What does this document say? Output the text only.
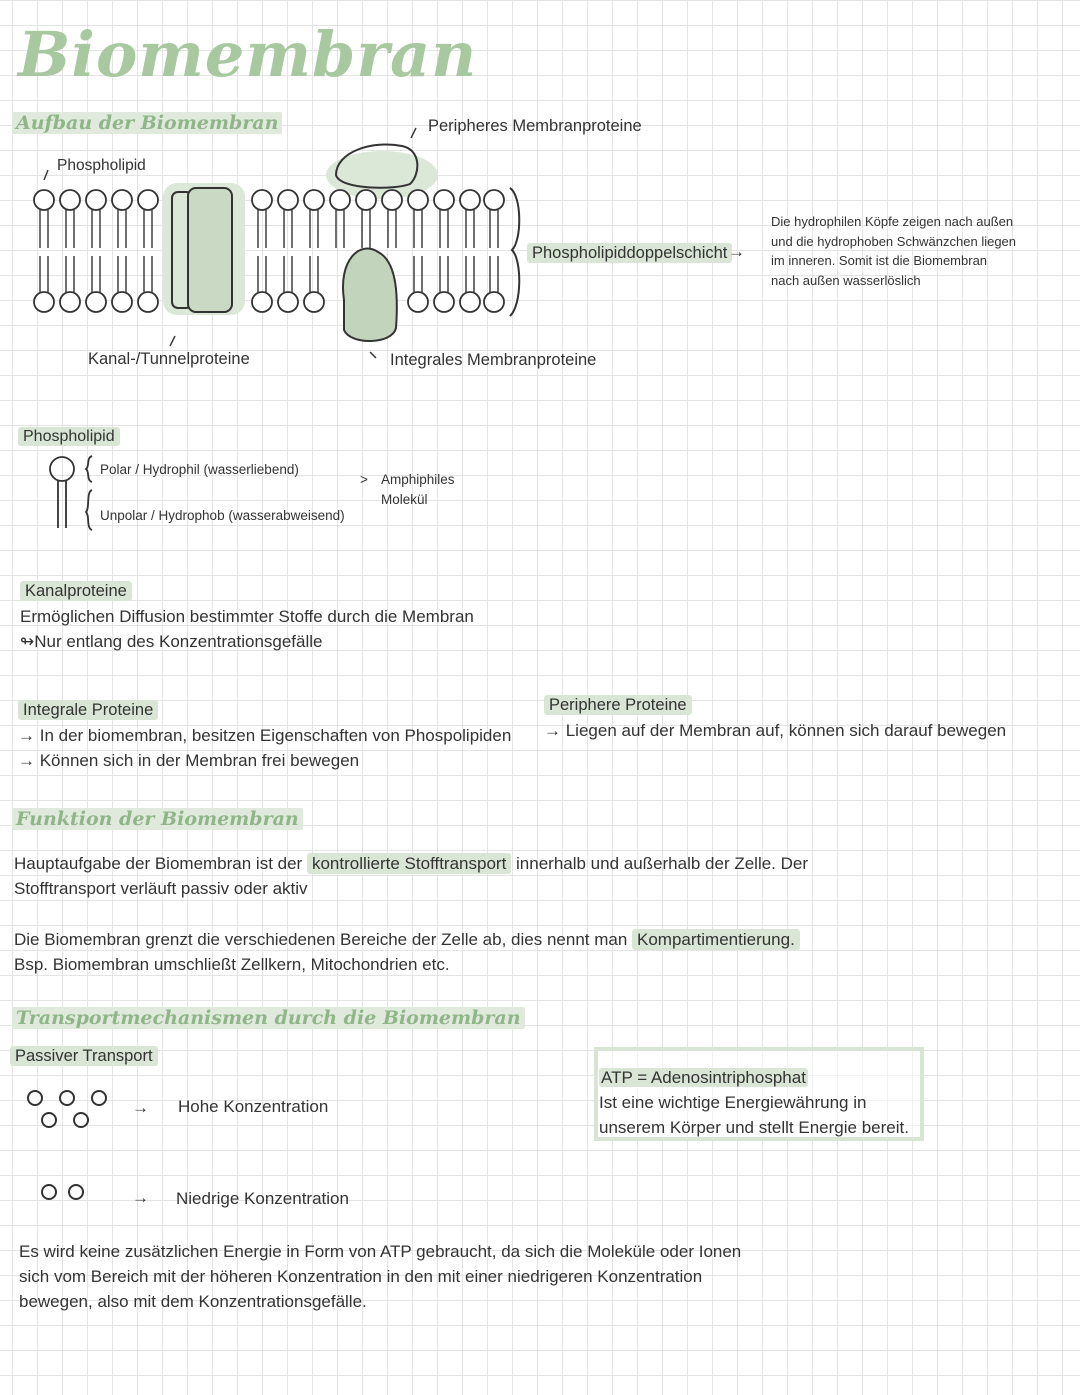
Biomembran
Aufbau der Biomembran
Phospholipid
Peripheres Membranproteine
Phospholipiddoppelschicht →
Die hydrophilen Köpfe zeigen nach außen
und die hydrophoben Schwänzchen liegen
im inneren. Somit ist die Biomembran
nach außen wasserlöslich
Kanal-/Tunnelproteine	Integrales Membranproteine
Phospholipid
Polar / Hydrophil (wasserliebend)
Unpolar / Hydrophob (wasserabweisend)
> Amphiphiles
Molekül
Kanalproteine
Ermöglichen Diffusion bestimmter Stoffe durch die Membran
↬Nur entlang des Konzentrationsgefälle
Integrale Proteine
→ In der biomembran, besitzen Eigenschaften von Phospolipiden
→ Können sich in der Membran frei bewegen
Periphere Proteine
→ Liegen auf der Membran auf, können sich darauf bewegen
Funktion der Biomembran
Hauptaufgabe der Biomembran ist der kontrollierte Stofftransport innerhalb und außerhalb der Zelle. Der
Stofftransport verläuft passiv oder aktiv
Die Biomembran grenzt die verschiedenen Bereiche der Zelle ab, dies nennt man Kompartimentierung.
Bsp. Biomembran umschließt Zellkern, Mitochondrien etc.
Transportmechanismen durch die Biomembran
Passiver Transport
→ Hohe Konzentration
→ Niedrige Konzentration
ATP = Adenosintriphosphat
Ist eine wichtige Energiewährung in
unserem Körper und stellt Energie bereit.
Es wird keine zusätzlichen Energie in Form von ATP gebraucht, da sich die Moleküle oder Ionen
sich vom Bereich mit der höheren Konzentration in den mit einer niedrigeren Konzentration
bewegen, also mit dem Konzentrationsgefälle.
